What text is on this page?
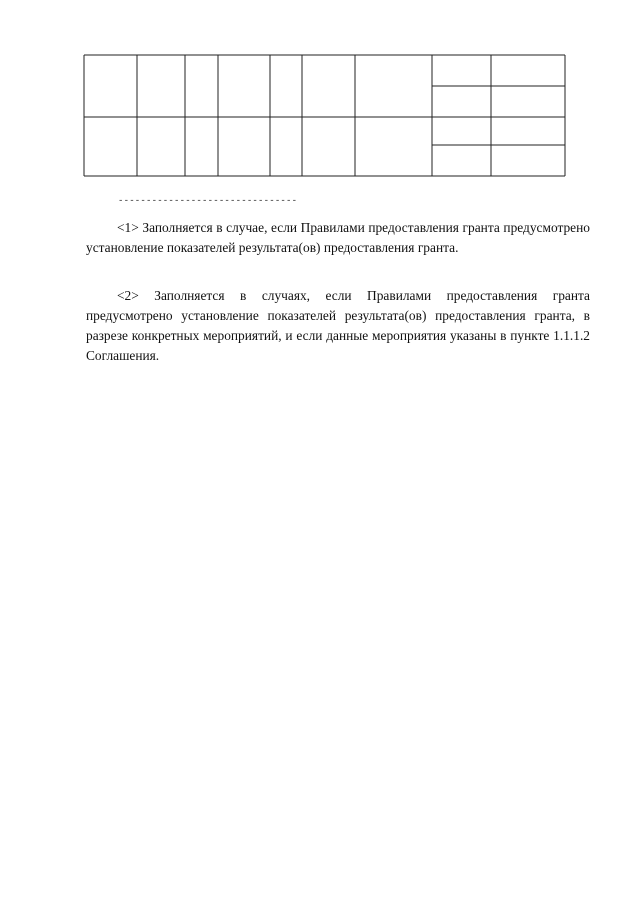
--------------------------------

<1> Заполняется в случае, если Правилами предоставления гранта предусмотрено установление показателей результата(ов) предоставления гранта.

<2> Заполняется в случаях, если Правилами предоставления гранта предусмотрено установление показателей результата(ов) предоставления гранта, в разрезе конкретных мероприятий, и если данные мероприятия указаны в пункте 1.1.1.2 Соглашения.
